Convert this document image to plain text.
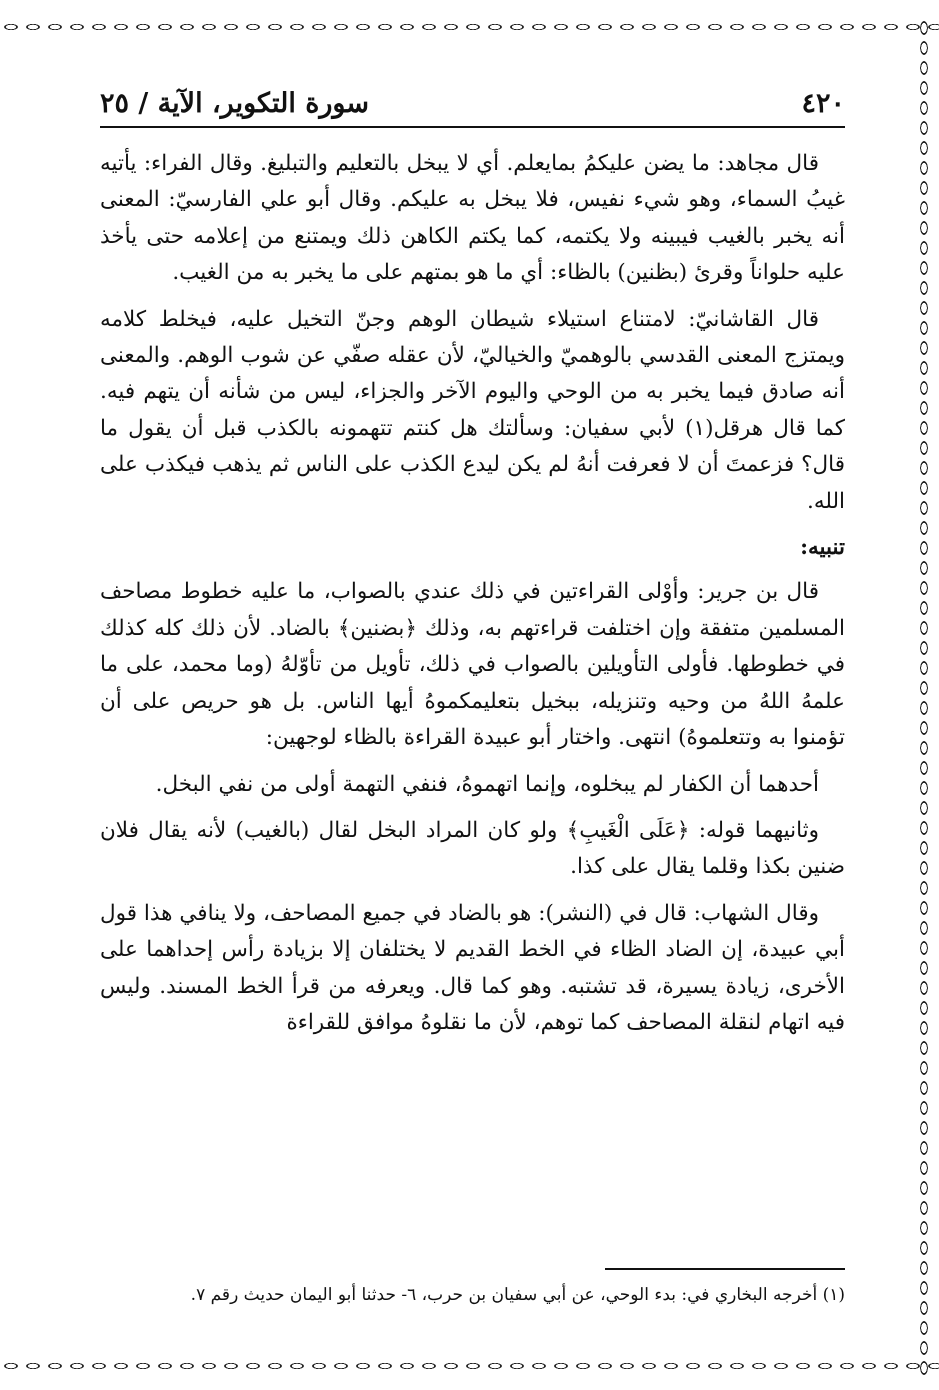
٤٢٠
سورة التكوير، الآية / ٢٥

قال مجاهد: ما يضن عليكمُ بمايعلم. أي لا يبخل بالتعليم والتبليغ. وقال الفراء: يأتيه غيبُ السماء، وهو شيء نفيس، فلا يبخل به عليكم. وقال أبو علي الفارسيّ: المعنى أنه يخبر بالغيب فيبينه ولا يكتمه، كما يكتم الكاهن ذلك ويمتنع من إعلامه حتى يأخذ عليه حلواناً وقرئ (بظنين) بالظاء: أي ما هو بمتهم على ما يخبر به من الغيب.

قال القاشانيّ: لامتناع استيلاء شيطان الوهم وجنّ التخيل عليه، فيخلط كلامه ويمتزج المعنى القدسي بالوهميّ والخياليّ، لأن عقله صفّي عن شوب الوهم. والمعنى أنه صادق فيما يخبر به من الوحي واليوم الآخر والجزاء، ليس من شأنه أن يتهم فيه. كما قال هرقل(١) لأبي سفيان: وسألتك هل كنتم تتهمونه بالكذب قبل أن يقول ما قال؟ فزعمتَ أن لا فعرفت أنهُ لم يكن ليدع الكذب على الناس ثم يذهب فيكذب على الله.

تنبيه:

قال بن جرير: وأوْلى القراءتين في ذلك عندي بالصواب، ما عليه خطوط مصاحف المسلمين متفقة وإن اختلفت قراءتهم به، وذلك ﴿بضنين﴾ بالضاد. لأن ذلك كله كذلك في خطوطها. فأولى التأويلين بالصواب في ذلك، تأويل من تأوّلهُ (وما محمد، على ما علمهُ اللهُ من وحيه وتنزيله، ببخيل بتعليمكموهُ أيها الناس. بل هو حريص على أن تؤمنوا به وتتعلموهُ) انتهى. واختار أبو عبيدة القراءة بالظاء لوجهين:

أحدهما أن الكفار لم يبخلوه، وإنما اتهموهُ، فنفي التهمة أولى من نفي البخل.

وثانيهما قوله: ﴿عَلَى الْغَيبِ﴾ ولو كان المراد البخل لقال (بالغيب) لأنه يقال فلان ضنين بكذا وقلما يقال على كذا.

وقال الشهاب: قال في (النشر): هو بالضاد في جميع المصاحف، ولا ينافي هذا قول أبي عبيدة، إن الضاد الظاء في الخط القديم لا يختلفان إلا بزيادة رأس إحداهما على الأخرى، زيادة يسيرة، قد تشتبه. وهو كما قال. ويعرفه من قرأ الخط المسند. وليس فيه اتهام لنقلة المصاحف كما توهم، لأن ما نقلوهُ موافق للقراءة

(١) أخرجه البخاري في: بدء الوحي، عن أبي سفيان بن حرب، ٦- حدثنا أبو اليمان حديث رقم ٧.
